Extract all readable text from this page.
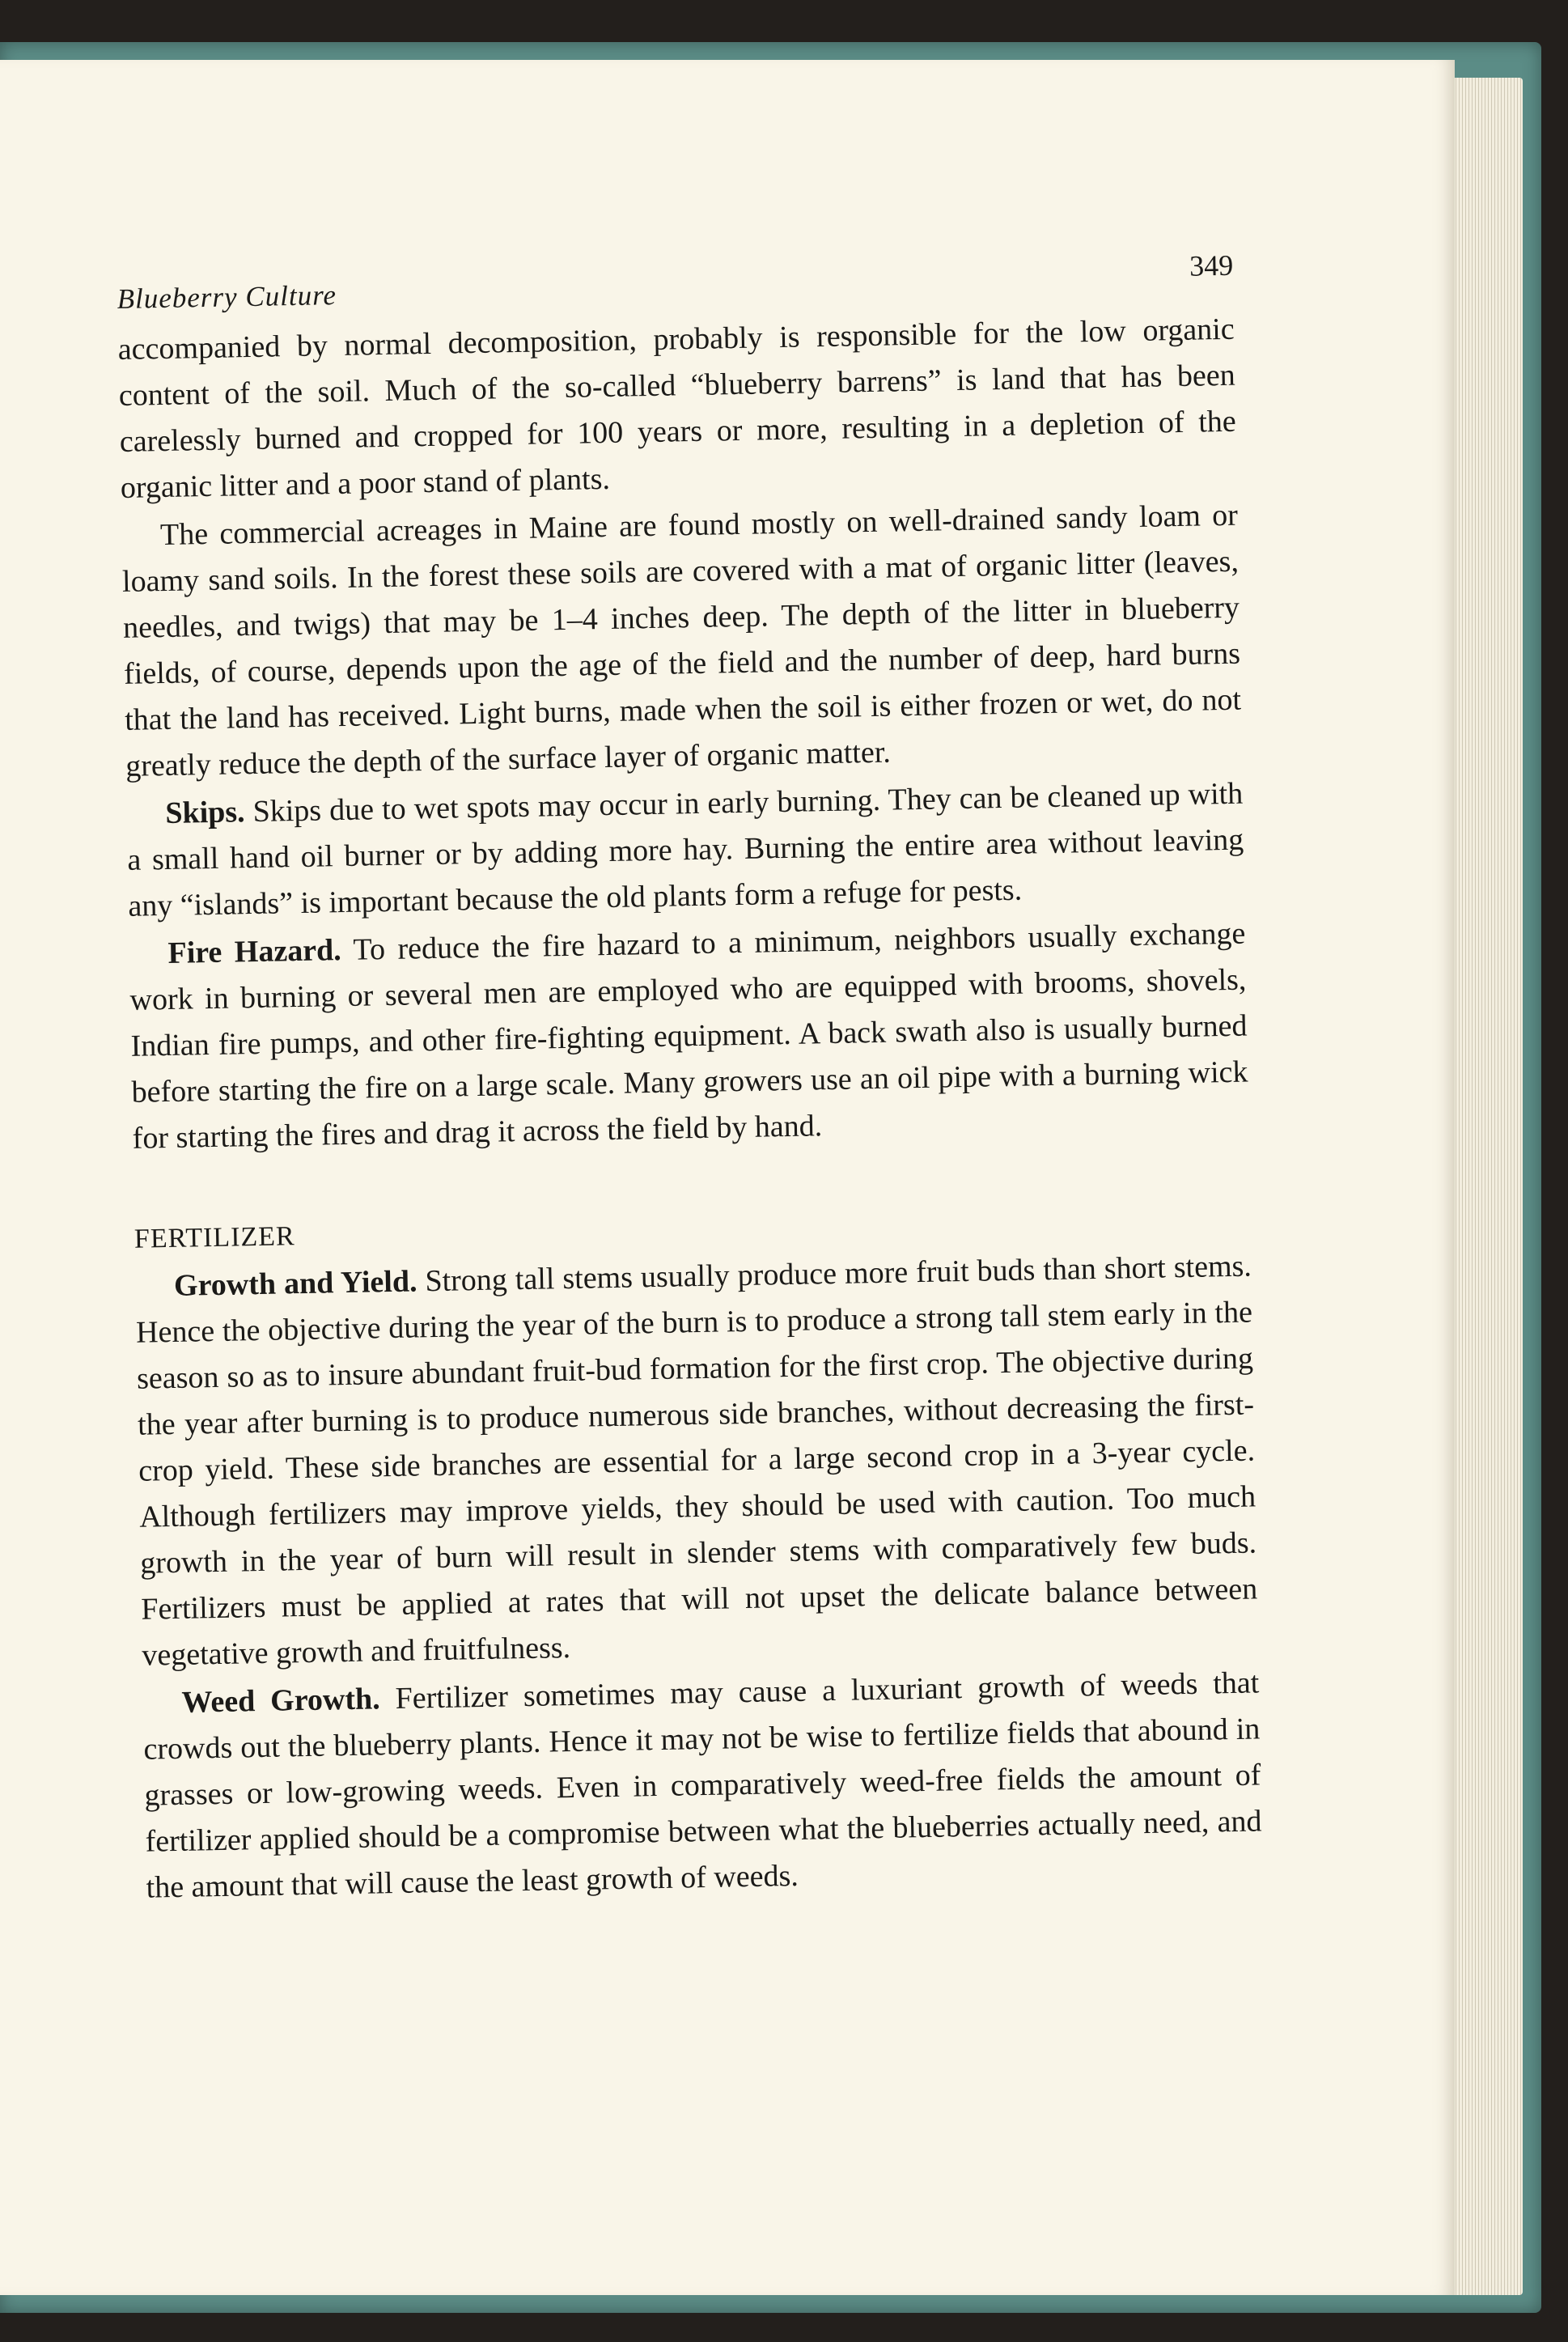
Blueberry Culture
349

accompanied by normal decomposition, probably is responsible for the low organic content of the soil. Much of the so-called “blueberry barrens” is land that has been carelessly burned and cropped for 100 years or more, resulting in a depletion of the organic litter and a poor stand of plants.

The commercial acreages in Maine are found mostly on well-drained sandy loam or loamy sand soils. In the forest these soils are covered with a mat of organic litter (leaves, needles, and twigs) that may be 1–4 inches deep. The depth of the litter in blueberry fields, of course, depends upon the age of the field and the number of deep, hard burns that the land has received. Light burns, made when the soil is either frozen or wet, do not greatly reduce the depth of the surface layer of organic matter.

Skips. Skips due to wet spots may occur in early burning. They can be cleaned up with a small hand oil burner or by adding more hay. Burning the entire area without leaving any “islands” is important because the old plants form a refuge for pests.

Fire Hazard. To reduce the fire hazard to a minimum, neighbors usually exchange work in burning or several men are employed who are equipped with brooms, shovels, Indian fire pumps, and other fire-fighting equipment. A back swath also is usually burned before starting the fire on a large scale. Many growers use an oil pipe with a burning wick for starting the fires and drag it across the field by hand.

FERTILIZER

Growth and Yield. Strong tall stems usually produce more fruit buds than short stems. Hence the objective during the year of the burn is to produce a strong tall stem early in the season so as to insure abundant fruit-bud formation for the first crop. The objective during the year after burning is to produce numerous side branches, without decreasing the first-crop yield. These side branches are essential for a large second crop in a 3-year cycle. Although fertilizers may improve yields, they should be used with caution. Too much growth in the year of burn will result in slender stems with comparatively few buds. Fertilizers must be applied at rates that will not upset the delicate balance between vegetative growth and fruitfulness.

Weed Growth. Fertilizer sometimes may cause a luxuriant growth of weeds that crowds out the blueberry plants. Hence it may not be wise to fertilize fields that abound in grasses or low-growing weeds. Even in comparatively weed-free fields the amount of fertilizer applied should be a compromise between what the blueberries actually need, and the amount that will cause the least growth of weeds.
